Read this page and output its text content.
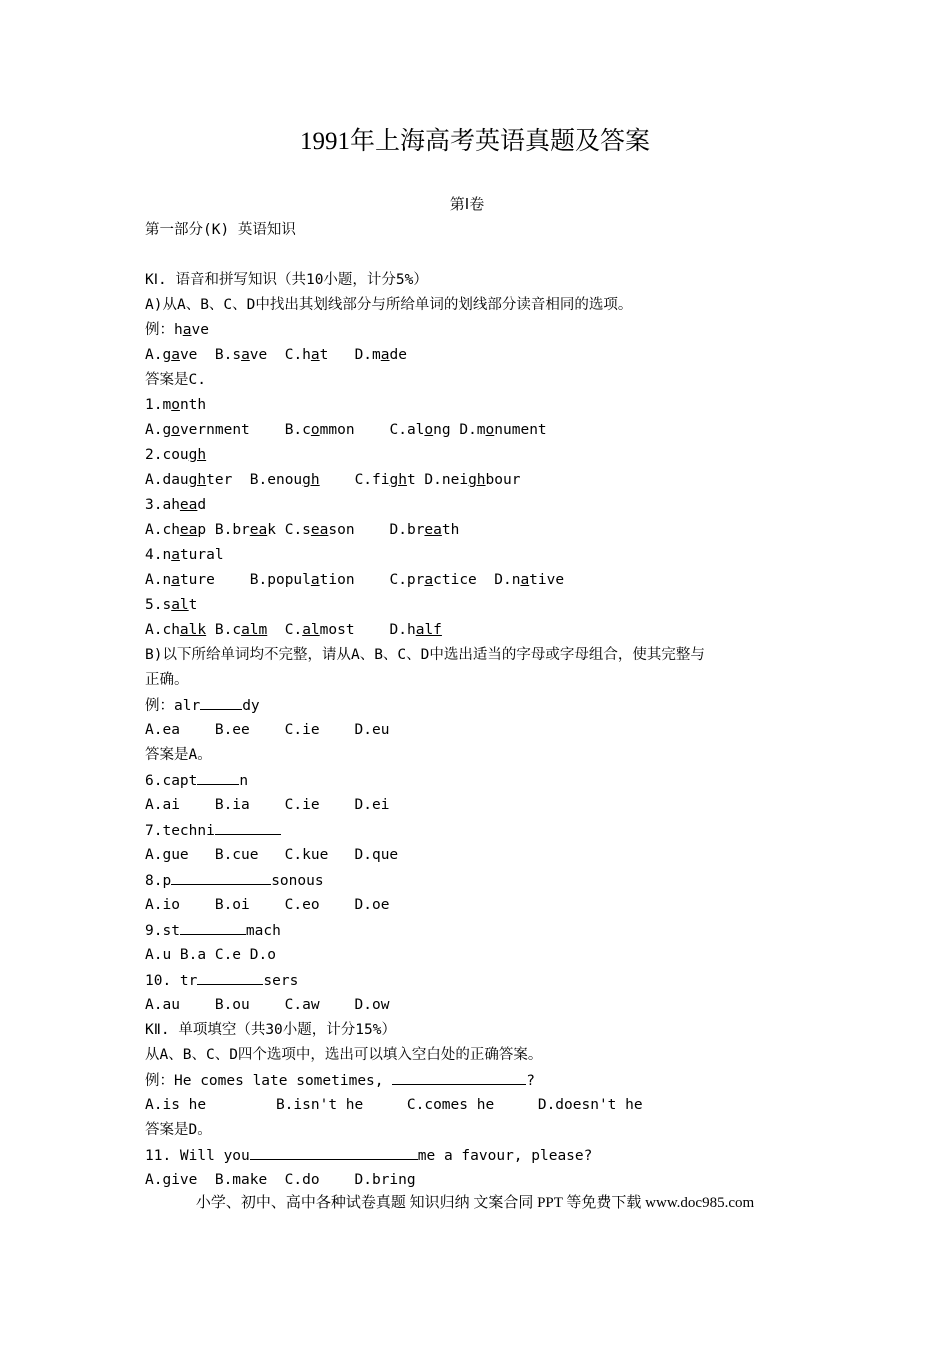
1991年上海高考英语真题及答案
第Ⅰ卷
第一部分(K) 英语知识
KⅠ. 语音和拼写知识（共10小题，计分5%）
A)从A、B、C、D中找出其划线部分与所给单词的划线部分读音相同的选项。
例：have
A.gave  B.save  C.hat   D.made
答案是C.
1.month
A.government    B.common    C.along D.monument
2.cough
A.daughter  B.enough C.fight D.neighbour
3.ahead
A.cheap B.break C.season    D.breath
4.natural
A.nature    B.population    C.practice  D.native
5.salt
A.chalk B.calm C.almost    D.half
B)以下所给单词均不完整，请从A、B、C、D中选出适当的字母或字母组合，使其完整与
正确。
例：alr	dy
A.ea    B.ee    C.ie    D.eu
答案是A。
6.capt	n
A.ai    B.ia    C.ie    D.ei
7.techni
A.gue   B.cue   C.kue   D.que
8.p	sonous
A.io    B.oi    C.eo    D.oe
9.st	mach
A.u B.a C.e D.o
10. tr	sers
A.au    B.ou    C.aw    D.ow
KⅡ. 单项填空（共30小题，计分15%）
从A、B、C、D四个选项中，选出可以填入空白处的正确答案。
例：He comes late sometimes,	?
A.is he        B.isn't he     C.comes he     D.doesn't he
答案是D。
11. Will you	me a favour, please?
A.give  B.make  C.do    D.bring
小学、初中、高中各种试卷真题 知识归纳 文案合同 PPT 等免费下载 www.doc985.com
